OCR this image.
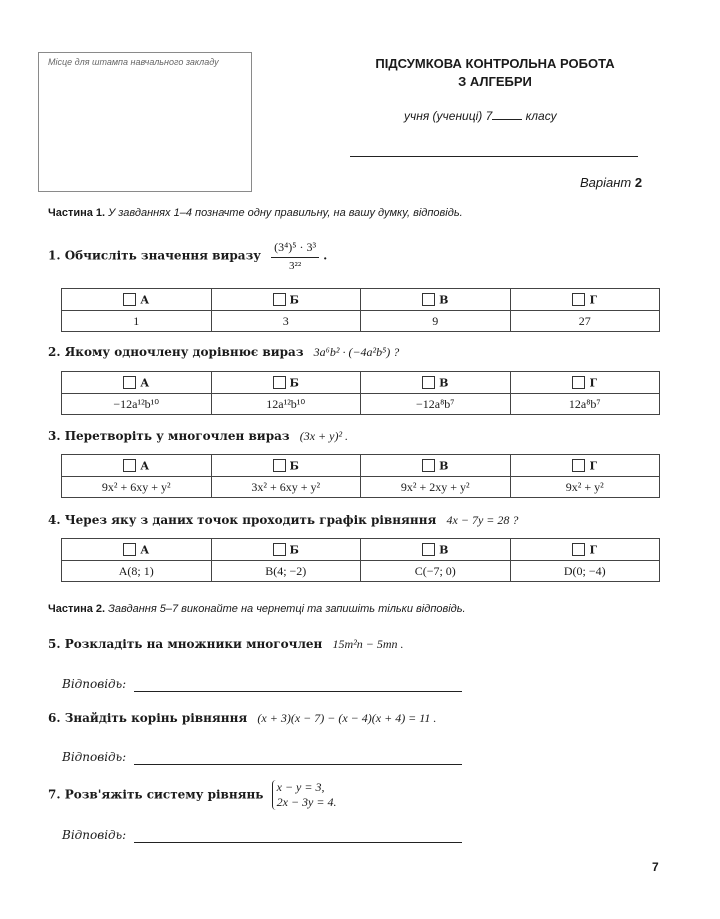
Місце для штампа навчального закладу	ПІДСУМКОВА КОНТРОЛЬНА РОБОТА
З АЛГЕБРИ
учня (учениці) 7	класу
Варіант 2
Частина 1. У завданнях 1–4 позначте одну правильну, на вашу думку, відповідь.
1. Обчисліть значення виразу $\frac{\text{(3⁴)⁵ · 3³}}{\text{3²²}}$ .
А	Б	В	Г
1	3	9	27
2. Якому одночлену дорівнює вираз 3a⁶b² · (−4a²b⁵) ?
А	Б	В	Г
−12a¹²b¹⁰	12a¹²b¹⁰	−12a⁸b⁷	12a⁸b⁷
3. Перетворіть у многочлен вираз (3x + y)² .
А	Б	В	Г
9x² + 6xy + y²	3x² + 6xy + y²	9x² + 2xy + y²	9x² + y²
4. Через яку з даних точок проходить графік рівняння 4x − 7y = 28 ?
А	Б	В	Г
A(8; 1)	B(4; −2)	C(−7; 0)	D(0; −4)
Частина 2. Завдання 5–7 виконайте на чернетці та запишіть тільки відповідь.
5. Розкладіть на множники многочлен 15m²n − 5mn .
Відповідь:
6. Знайдіть корінь рівняння (x + 3)(x − 7) − (x − 4)(x + 4) = 11 .
Відповідь:
7. Розв'яжіть систему рівнянь
x − y = 3,
2x − 3y = 4.
Відповідь:
7
